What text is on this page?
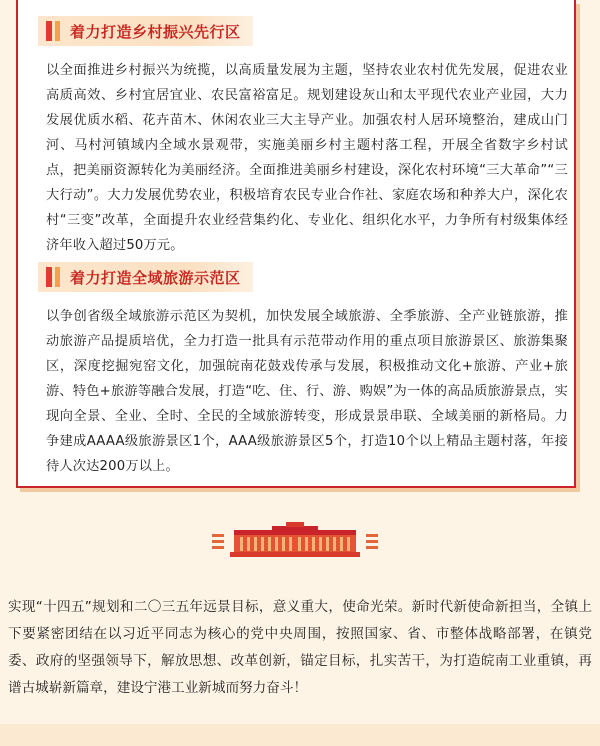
着力打造乡村振兴先行区

以全面推进乡村振兴为统揽，以高质量发展为主题，坚持农业农村优先发展，促进农业高质高效、乡村宜居宜业、农民富裕富足。规划建设灰山和太平现代农业产业园，大力发展优质水稻、花卉苗木、休闲农业三大主导产业。加强农村人居环境整治，建成山门河、马村河镇域内全域水景观带，实施美丽乡村主题村落工程，开展全省数字乡村试点，把美丽资源转化为美丽经济。全面推进美丽乡村建设，深化农村环境“三大革命”“三大行动”。大力发展优势农业，积极培育农民专业合作社、家庭农场和种养大户，深化农村“三变”改革，全面提升农业经营集约化、专业化、组织化水平，力争所有村级集体经济年收入超过50万元。

着力打造全域旅游示范区

以争创省级全域旅游示范区为契机，加快发展全域旅游、全季旅游、全产业链旅游，推动旅游产品提质培优，全力打造一批具有示范带动作用的重点项目旅游景区、旅游集聚区，深度挖掘宛窑文化，加强皖南花鼓戏传承与发展，积极推动文化+旅游、产业+旅游、特色+旅游等融合发展，打造“吃、住、行、游、购娱”为一体的高品质旅游景点，实现向全景、全业、全时、全民的全域旅游转变，形成景景串联、全域美丽的新格局。力争建成AAAA级旅游景区1个，AAA级旅游景区5个，打造10个以上精品主题村落，年接待人次达200万以上。

实现“十四五”规划和二〇三五年远景目标，意义重大，使命光荣。新时代新使命新担当，全镇上下要紧密团结在以习近平同志为核心的党中央周围，按照国家、省、市整体战略部署，在镇党委、政府的坚强领导下，解放思想、改革创新，锚定目标，扎实苦干，为打造皖南工业重镇，再谱古城崭新篇章，建设宁港工业新城而努力奋斗！
